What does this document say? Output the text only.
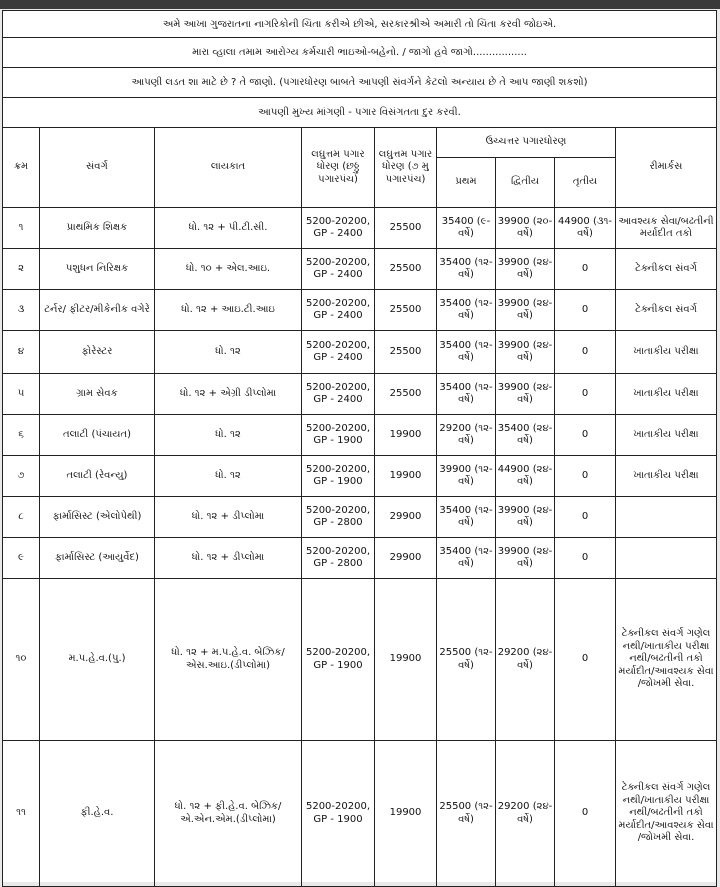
અમે આખા ગુજરાતના નાગરિકોની ચિંતા કરીએ છીએ, સરકારશ્રીએ અમારી તો ચિંતા કરવી જોઇએ.
મારા વ્હાલા તમામ આરોગ્ય કર્મચારી ભાઇઓ-બહેનો. / જાગો હવે જાગો.................
આપણી લડત શા માટે છે ? તે જાણો. (પગારધોરણ બાબતે આપણી સંવર્ગને કેટલો અન્યાય છે તે આપ જાણી શકશો)
આપણી મુખ્ય માંગણી - પગાર વિસંગતતા દુર કરવી.
ક્રમ	સંવર્ગ	લાયકાત	લઘુત્તમ પગાર ધોરણ (છઠ્ઠુ પગારપંચ)	લઘુત્તમ પગાર ધોરણ (૭ મુ પગારપંચ)	ઉચ્ચત્તર પગારધોરણ			રીમાર્કસ
					પ્રથમ	દ્વિતીય	તૃતીય	
૧	પ્રાથમિક શિક્ષક	ધો. ૧૨ + પી.ટી.સી.	5200-20200, GP - 2400	25500	35400 (૯-વર્ષે)	39900 (૨૦-વર્ષે)	44900 (૩૧-વર્ષે)	આવશ્યક સેવા/બઢતીની મર્યાદીત તકો
૨	પશુધન નિરિક્ષક	ધો. ૧૦ + એલ.આઇ.	5200-20200, GP - 2400	25500	35400 (૧૨-વર્ષે)	39900 (૨૪-વર્ષે)	0	ટેક્નીકલ સંવર્ગ
૩	ટર્નર/ ફીટર/મીકેનીક વગેરે	ધો. ૧૨ + આઇ.ટી.આઇ	5200-20200, GP - 2400	25500	35400 (૧૨-વર્ષે)	39900 (૨૪-વર્ષે)	0	ટેક્નીકલ સંવર્ગ
૪	ફોરેસ્ટર	ધો. ૧૨	5200-20200, GP - 2400	25500	35400 (૧૨-વર્ષે)	39900 (૨૪-વર્ષે)	0	ખાતાકીય પરીક્ષા
૫	ગ્રામ સેવક	ધો. ૧૨ + એગ્રી ડીપ્લોમા	5200-20200, GP - 2400	25500	35400 (૧૨-વર્ષે)	39900 (૨૪-વર્ષે)	0	ખાતાકીય પરીક્ષા
૬	તલાટી (પંચાયત)	ધો. ૧૨	5200-20200, GP - 1900	19900	29200 (૧૨-વર્ષે)	35400 (૨૪-વર્ષે)	0	ખાતાકીય પરીક્ષા
૭	તલાટી (રેવન્યુ)	ધો. ૧૨	5200-20200, GP - 1900	19900	39900 (૧૨-વર્ષે)	44900 (૨૪-વર્ષે)	0	ખાતાકીય પરીક્ષા
૮	ફાર્માસિસ્ટ (એલોપેથી)	ધો. ૧૨ + ડીપ્લોમા	5200-20200, GP - 2800	29900	35400 (૧૨-વર્ષે)	39900 (૨૪-વર્ષે)	0	
૯	ફાર્માસિસ્ટ (આયુર્વેદ)	ધો. ૧૨ + ડીપ્લોમા	5200-20200, GP - 2800	29900	35400 (૧૨-વર્ષે)	39900 (૨૪-વર્ષે)	0	
૧૦	મ.પ.હે.વ.(પુ.)	ધો. ૧૨ + મ.પ.હે.વ. બેઝિક/એસ.આઇ.(ડીપ્લોમા)	5200-20200, GP - 1900	19900	25500 (૧૨-વર્ષે)	29200 (૨૪-વર્ષે)	0	ટેક્નીકલ સંવર્ગ ગણેલ નથી/ખાતાકીય પરીક્ષા નથી/બઢતીની તકો મર્યાદીત/આવશ્યક સેવા /જોખમી સેવા.
૧૧	ફી.હે.વ.	ધો. ૧૨ + ફી.હે.વ. બેઝિક/એ.એન.એમ.(ડીપ્લોમા)	5200-20200, GP - 1900	19900	25500 (૧૨-વર્ષે)	29200 (૨૪-વર્ષે)	0	ટેક્નીકલ સંવર્ગ ગણેલ નથી/ખાતાકીય પરીક્ષા નથી/બઢતીની તકો મર્યાદીત/આવશ્યક સેવા /જોખમી સેવા.
